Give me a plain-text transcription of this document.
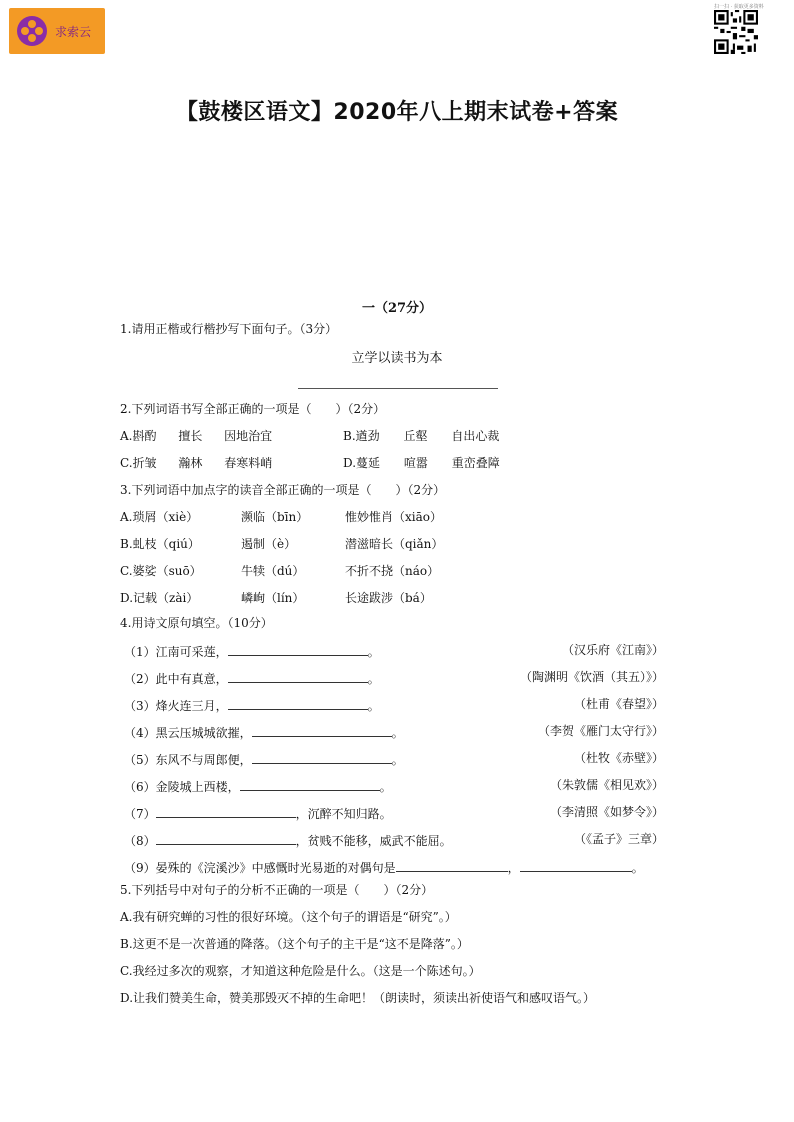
求索云
扫一扫 · 获取更多资料
【鼓楼区语文】2020年八上期末试卷+答案
一（27分）
1.请用正楷或行楷抄写下面句子。（3分）
立学以读书为本
2.下列词语书写全部正确的一项是（　　）（2分）
A.斟酌 擅长 因地治宜	B.遒劲 丘壑 自出心裁
C.折皱 瀚林 春寒料峭	D.蔓延 喧嚣 重峦叠障
3.下列词语中加点字的读音全部正确的一项是（　　）（2分）
A.琐屑（xiè）	濒临（bīn）	惟妙惟肖（xiāo）
B.虬枝（qiú）	遏制（è）	潜滋暗长（qiǎn）
C.婆娑（suō）	牛犊（dú）	不折不挠（náo）
D.记载（zài）	嶙峋（lín）	长途跋涉（bá）
4.用诗文原句填空。（10分）
（1）江南可采莲，	。	（汉乐府《江南》）
（2）此中有真意，	。	（陶渊明《饮酒（其五）》）
（3）烽火连三月，	。	（杜甫《春望》）
（4）黑云压城城欲摧，	。	（李贺《雁门太守行》）
（5）东风不与周郎便，	。	（杜牧《赤壁》）
（6）金陵城上西楼，	。	（朱敦儒《相见欢》）
（7）	，沉醉不知归路。	（李清照《如梦令》）
（8）	，贫贱不能移，威武不能屈。	（《孟子》三章）
（9）晏殊的《浣溪沙》中感慨时光易逝的对偶句是	，	。
5.下列括号中对句子的分析不正确的一项是（　　）（2分）
A.我有研究蝉的习性的很好环境。（这个句子的谓语是“研究”。）
B.这更不是一次普通的降落。（这个句子的主干是“这不是降落”。）
C.我经过多次的观察，才知道这种危险是什么。（这是一个陈述句。）
D.让我们赞美生命，赞美那毁灭不掉的生命吧！（朗读时，须读出祈使语气和感叹语气。）
